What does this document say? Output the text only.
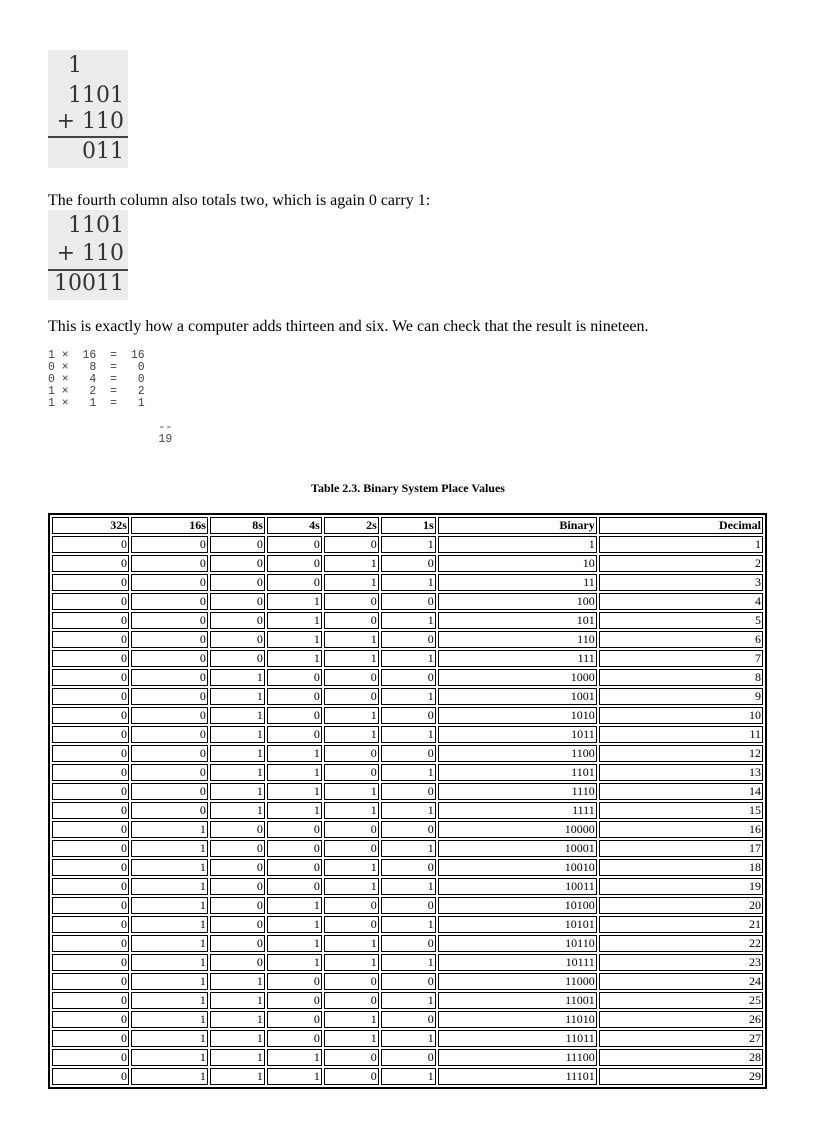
1
1101
+ 110
011
The fourth column also totals two, which is again 0 carry 1:
1101
+ 110
10011
This is exactly how a computer adds thirteen and six. We can check that the result is nineteen.
1 ×  16  =  16
0 ×   8  =   0
0 ×   4  =   0
1 ×   2  =   2
1 ×   1  =   1

--
19
Table 2.3. Binary System Place Values
32s	16s	8s	4s	2s	1s	Binary	Decimal
0	0	0	0	0	1	1	1
0	0	0	0	1	0	10	2
0	0	0	0	1	1	11	3
0	0	0	1	0	0	100	4
0	0	0	1	0	1	101	5
0	0	0	1	1	0	110	6
0	0	0	1	1	1	111	7
0	0	1	0	0	0	1000	8
0	0	1	0	0	1	1001	9
0	0	1	0	1	0	1010	10
0	0	1	0	1	1	1011	11
0	0	1	1	0	0	1100	12
0	0	1	1	0	1	1101	13
0	0	1	1	1	0	1110	14
0	0	1	1	1	1	1111	15
0	1	0	0	0	0	10000	16
0	1	0	0	0	1	10001	17
0	1	0	0	1	0	10010	18
0	1	0	0	1	1	10011	19
0	1	0	1	0	0	10100	20
0	1	0	1	0	1	10101	21
0	1	0	1	1	0	10110	22
0	1	0	1	1	1	10111	23
0	1	1	0	0	0	11000	24
0	1	1	0	0	1	11001	25
0	1	1	0	1	0	11010	26
0	1	1	0	1	1	11011	27
0	1	1	1	0	0	11100	28
0	1	1	1	0	1	11101	29
